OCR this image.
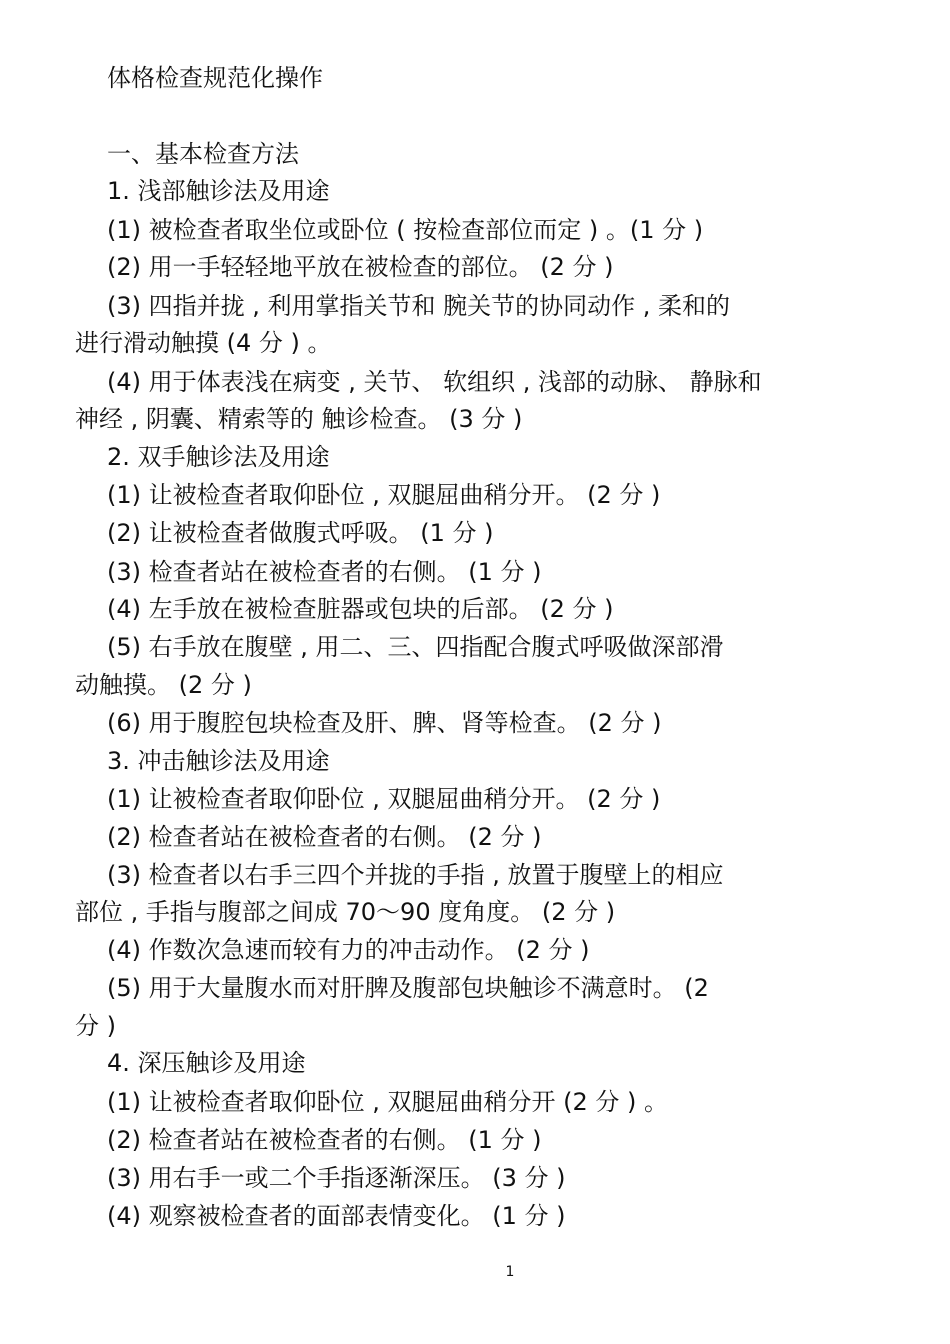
体格检查规范化操作
一、基本检查方法
1. 浅部触诊法及用途
(1) 被检查者取坐位或卧位 ( 按检查部位而定 ) 。(1 分 )
(2) 用一手轻轻地平放在被检查的部位。 (2 分 )
(3) 四指并拢 , 利用掌指关节和 腕关节的协同动作 , 柔和的
进行滑动触摸 (4 分 ) 。
(4) 用于体表浅在病变 , 关节、 软组织 , 浅部的动脉、 静脉和
神经 , 阴囊、精索等的 触诊检查。 (3 分 )
2. 双手触诊法及用途
(1) 让被检查者取仰卧位 , 双腿屈曲稍分开。 (2 分 )
(2) 让被检查者做腹式呼吸。 (1 分 )
(3) 检查者站在被检查者的右侧。 (1 分 )
(4) 左手放在被检查脏器或包块的后部。 (2 分 )
(5) 右手放在腹壁 , 用二、三、四指配合腹式呼吸做深部滑
动触摸。 (2 分 )
(6) 用于腹腔包块检查及肝、脾、肾等检查。 (2 分 )
3. 冲击触诊法及用途
(1) 让被检查者取仰卧位 , 双腿屈曲稍分开。 (2 分 )
(2) 检查者站在被检查者的右侧。 (2 分 )
(3) 检查者以右手三四个并拢的手指 , 放置于腹壁上的相应
部位 , 手指与腹部之间成 70～90 度角度。 (2 分 )
(4) 作数次急速而较有力的冲击动作。 (2 分 )
(5) 用于大量腹水而对肝脾及腹部包块触诊不满意时。 (2
分 )
4. 深压触诊及用途
(1) 让被检查者取仰卧位 , 双腿屈曲稍分开 (2 分 ) 。
(2) 检查者站在被检查者的右侧。 (1 分 )
(3) 用右手一或二个手指逐渐深压。 (3 分 )
(4) 观察被检查者的面部表情变化。 (1 分 )
1
